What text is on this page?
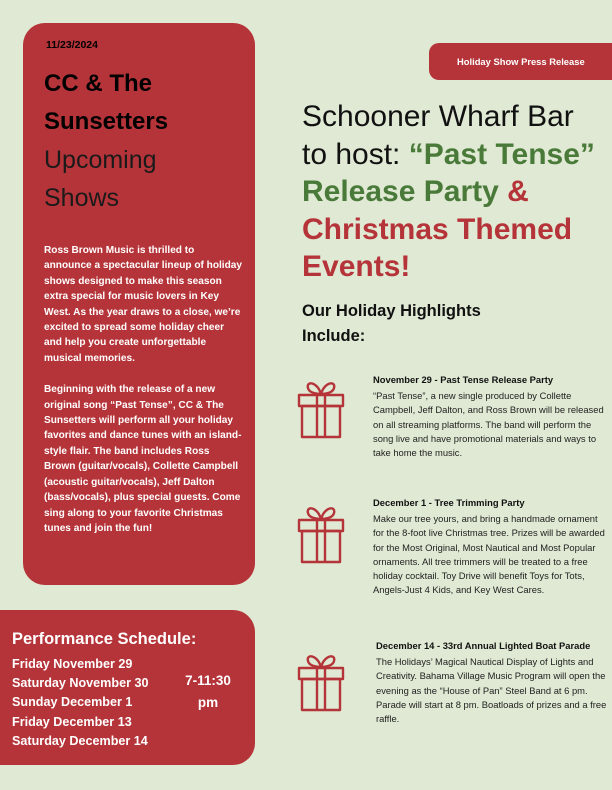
11/23/2024
CC & The
Sunsetters
Upcoming
Shows

Ross Brown Music is thrilled to announce a spectacular lineup of holiday shows designed to make this season extra special for music lovers in Key West. As the year draws to a close, we’re excited to spread some holiday cheer and help you create unforgettable musical memories.

Beginning with the release of a new original song “Past Tense”, CC & The Sunsetters will perform all your holiday favorites and dance tunes with an island-style flair. The band includes Ross Brown (guitar/vocals), Collette Campbell (acoustic guitar/vocals), Jeff Dalton (bass/vocals), plus special guests. Come sing along to your favorite Christmas tunes and join the fun!

Performance Schedule:
Friday November 29
Saturday November 30
Sunday December 1
Friday December 13
Saturday December 14
7-11:30
pm
Holiday Show Press Release
Schooner Wharf Bar to host: “Past Tense” Release Party & Christmas Themed Events!
Our Holiday Highlights
Include:
November 29 - Past Tense Release Party
“Past Tense”, a new single produced by Collette Campbell, Jeff Dalton, and Ross Brown will be released on all streaming platforms. The band will perform the song live and have promotional materials and ways to take home the music.
December 1 - Tree Trimming Party
Make our tree yours, and bring a handmade ornament for the 8-foot live Christmas tree. Prizes will be awarded for the Most Original, Most Nautical and Most Popular ornaments. All tree trimmers will be treated to a free holiday cocktail. Toy Drive will benefit Toys for Tots, Angels-Just 4 Kids, and Key West Cares.
December 14 - 33rd Annual Lighted Boat Parade
The Holidays’ Magical Nautical Display of Lights and Creativity. Bahama Village Music Program will open the evening as the “House of Pan” Steel Band at 6 pm. Parade will start at 8 pm. Boatloads of prizes and a free raffle.
